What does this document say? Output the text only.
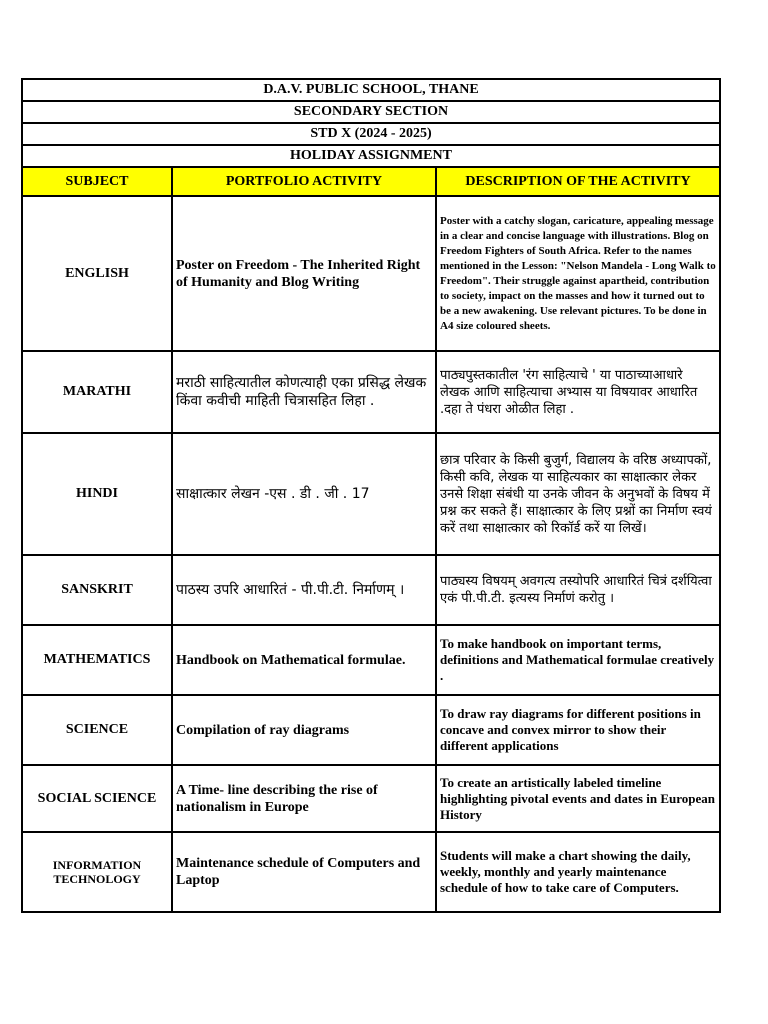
D.A.V. PUBLIC SCHOOL, THANE		
SECONDARY SECTION		
STD X (2024 - 2025)		
HOLIDAY ASSIGNMENT		
SUBJECT	PORTFOLIO ACTIVITY	DESCRIPTION OF THE ACTIVITY
ENGLISH	Poster on Freedom - The Inherited Right of Humanity and Blog Writing	Poster with a catchy slogan, caricature, appealing message in a clear and concise language with illustrations. Blog on Freedom Fighters of South Africa. Refer to the names mentioned in the Lesson: "Nelson Mandela - Long Walk to Freedom". Their struggle against apartheid, contribution to society, impact on the masses and how it turned out to be a new awakening. Use relevant pictures. To be done in A4 size coloured sheets.
MARATHI	मराठी साहित्यातील कोणत्याही एका प्रसिद्ध लेखक किंवा कवीची माहिती चित्रासहित लिहा .	पाठ्यपुस्तकातील 'रंग साहित्याचे ' या पाठाच्याआधारे लेखक आणि साहित्याचा अभ्यास या विषयावर आधारित .दहा ते पंधरा ओळीत लिहा .
HINDI	साक्षात्कार लेखन -एस . डी . जी . 17	छात्र परिवार के किसी बुजुर्ग, विद्यालय के वरिष्ठ अध्यापकों, किसी कवि, लेखक या साहित्यकार का साक्षात्कार लेकर उनसे शिक्षा संबंधी या उनके जीवन के अनुभवों के विषय में प्रश्न कर सकते हैं। साक्षात्कार के लिए प्रश्नों का निर्माण स्वयं करें तथा साक्षात्कार को रिकॉर्ड करें या लिखें।
SANSKRIT	पाठस्य उपरि आधारितं - पी.पी.टी. निर्माणम् ।	पाठ्यस्य विषयम् अवगत्य तस्योपरि आधारितं चित्रं दर्शयित्वा एकं पी.पी.टी. इत्यस्य निर्माणं करोतु ।
MATHEMATICS	Handbook on Mathematical formulae.	To make handbook on important terms, definitions and Mathematical formulae creatively .
SCIENCE	Compilation of ray diagrams	To draw ray diagrams for different positions in concave and convex mirror to show their different applications
SOCIAL SCIENCE	A Time- line describing the rise of nationalism in Europe	To create an artistically labeled timeline highlighting pivotal events and dates in European History
INFORMATION TECHNOLOGY	Maintenance schedule of Computers and Laptop	Students will make a chart showing the daily, weekly, monthly and yearly maintenance schedule of how to take care of Computers.
